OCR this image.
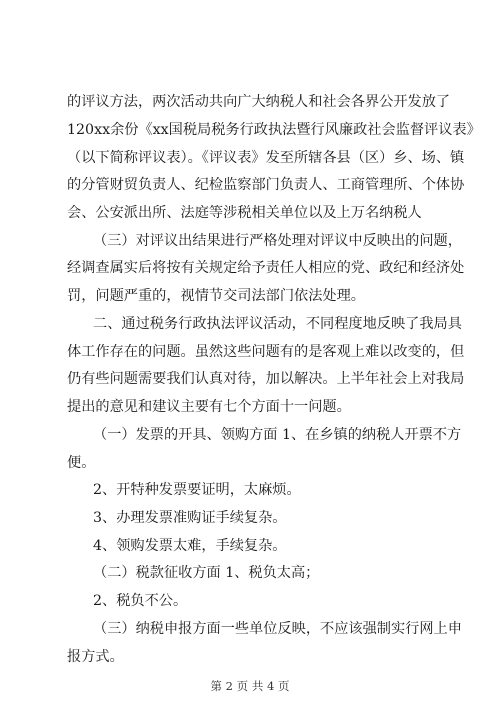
的评议方法，两次活动共向广大纳税人和社会各界公开发放了
120xx余份《xx国税局税务行政执法暨行风廉政社会监督评议表》
（以下简称评议表）。《评议表》发至所辖各县（区）乡、场、镇
的分管财贸负责人、纪检监察部门负责人、工商管理所、个体协
会、公安派出所、法庭等涉税相关单位以及上万名纳税人
（三）对评议出结果进行严格处理对评议中反映出的问题，
经调查属实后将按有关规定给予责任人相应的党、政纪和经济处
罚，问题严重的，视情节交司法部门依法处理。
二、通过税务行政执法评议活动，不同程度地反映了我局具
体工作存在的问题。虽然这些问题有的是客观上难以改变的，但
仍有些问题需要我们认真对待，加以解决。上半年社会上对我局
提出的意见和建议主要有七个方面十一问题。
（一）发票的开具、领购方面 1、在乡镇的纳税人开票不方
便。
2、开特种发票要证明，太麻烦。
3、办理发票准购证手续复杂。
4、领购发票太难，手续复杂。
（二）税款征收方面 1、税负太高；
2、税负不公。
（三）纳税申报方面一些单位反映，不应该强制实行网上申
报方式。
第 2 页 共 4 页
